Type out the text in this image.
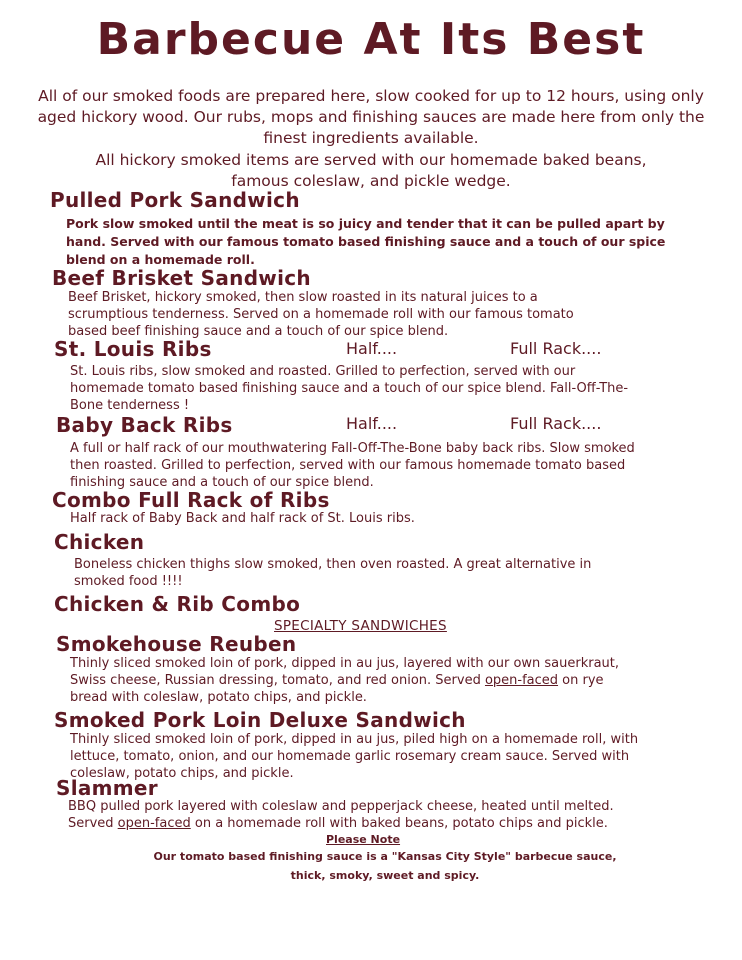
Barbecue At Its Best
All of our smoked foods are prepared here, slow cooked for up to 12 hours, using only aged hickory wood. Our rubs, mops and finishing sauces are made here from only the finest ingredients available.
All hickory smoked items are served with our homemade baked beans, famous coleslaw, and pickle wedge.
Pulled Pork Sandwich
Pork slow smoked until the meat is so juicy and tender that it can be pulled apart by hand. Served with our famous tomato based finishing sauce and a touch of our spice blend on a homemade roll.
Beef Brisket Sandwich
Beef Brisket, hickory smoked, then slow roasted in its natural juices to a scrumptious tenderness. Served on a homemade roll with our famous tomato based beef finishing sauce and a touch of our spice blend.
St. Louis Ribs	Half....	Full Rack....
St. Louis ribs, slow smoked and roasted. Grilled to perfection, served with our homemade tomato based finishing sauce and a touch of our spice blend. Fall-Off-The-Bone tenderness !
Baby Back Ribs	Half....	Full Rack....
A full or half rack of our mouthwatering Fall-Off-The-Bone baby back ribs. Slow smoked then roasted. Grilled to perfection, served with our famous homemade tomato based finishing sauce and a touch of our spice blend.
Combo Full Rack of Ribs
Half rack of Baby Back and half rack of St. Louis ribs.
Chicken
Boneless chicken thighs slow smoked, then oven roasted. A great alternative in smoked food !!!!
Chicken & Rib Combo
SPECIALTY SANDWICHES
Smokehouse Reuben
Thinly sliced smoked loin of pork, dipped in au jus, layered with our own sauerkraut, Swiss cheese, Russian dressing, tomato, and red onion. Served open-faced on rye bread with coleslaw, potato chips, and pickle.
Smoked Pork Loin Deluxe Sandwich
Thinly sliced smoked loin of pork, dipped in au jus, piled high on a homemade roll, with lettuce, tomato, onion, and our homemade garlic rosemary cream sauce. Served with coleslaw, potato chips, and pickle.
Slammer
BBQ pulled pork layered with coleslaw and pepperjack cheese, heated until melted.
Served open-faced on a homemade roll with baked beans, potato chips and pickle.
Please Note
Our tomato based finishing sauce is a "Kansas City Style" barbecue sauce, thick, smoky, sweet and spicy.
